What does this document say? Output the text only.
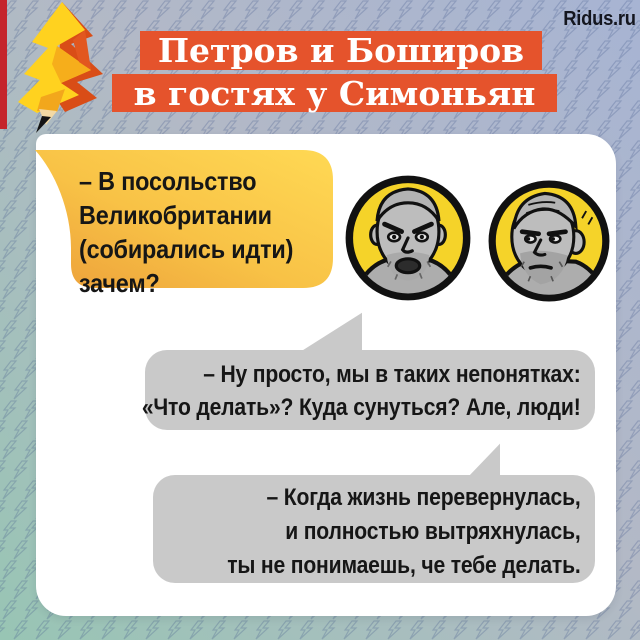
Ridus.ru
Петров и Боширов
в гостях у Симоньян
– В посольство
Великобритании
(собирались идти)
зачем?
– Ну просто, мы в таких непонятках:
«Что делать»? Куда сунуться? Але, люди!
– Когда жизнь перевернулась,
и полностью вытряхнулась,
ты не понимаешь, че тебе делать.
